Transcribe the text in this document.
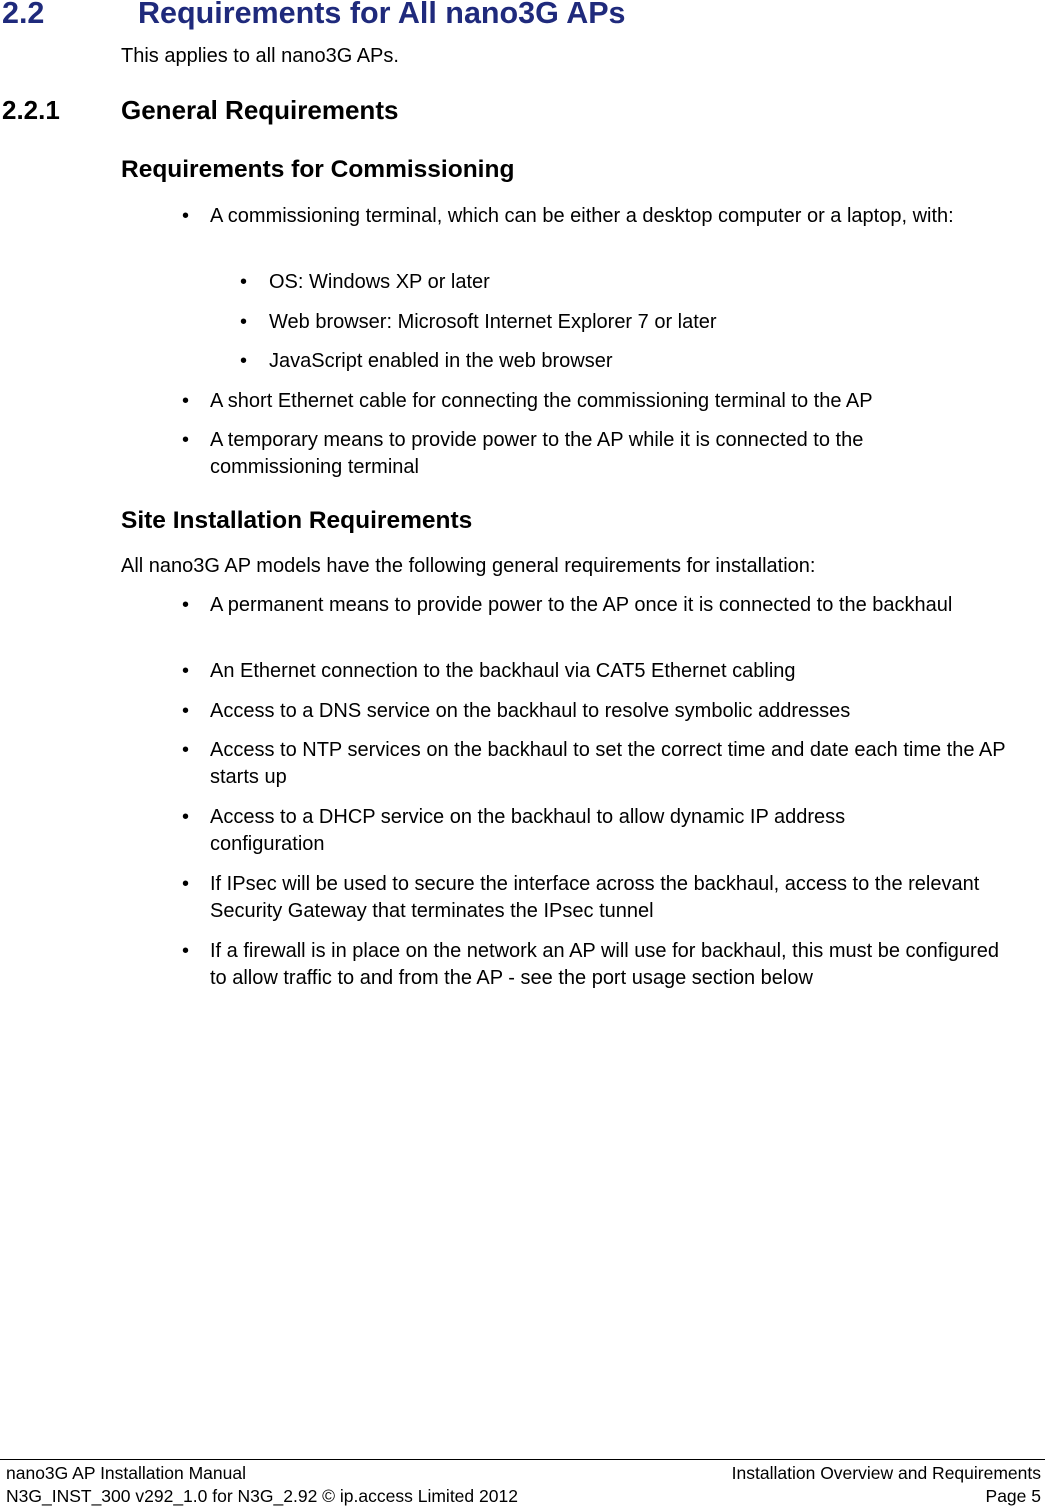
2.2	Requirements for All nano3G APs
This applies to all nano3G APs.
2.2.1 General Requirements
Requirements for Commissioning
• A commissioning terminal, which can be either a desktop computer or a laptop, with:
• OS: Windows XP or later
• Web browser: Microsoft Internet Explorer 7 or later
• JavaScript enabled in the web browser
• A short Ethernet cable for connecting the commissioning terminal to the AP
• A temporary means to provide power to the AP while it is connected to the commissioning terminal
Site Installation Requirements
All nano3G AP models have the following general requirements for installation:
• A permanent means to provide power to the AP once it is connected to the backhaul
• An Ethernet connection to the backhaul via CAT5 Ethernet cabling
• Access to a DNS service on the backhaul to resolve symbolic addresses
• Access to NTP services on the backhaul to set the correct time and date each time the AP starts up
• Access to a DHCP service on the backhaul to allow dynamic IP address configuration
• If IPsec will be used to secure the interface across the backhaul, access to the relevant Security Gateway that terminates the IPsec tunnel
• If a firewall is in place on the network an AP will use for backhaul, this must be configured to allow traffic to and from the AP - see the port usage section below
nano3G AP Installation Manual
N3G_INST_300 v292_1.0 for N3G_2.92 © ip.access Limited 2012
Installation Overview and Requirements
Page 5
